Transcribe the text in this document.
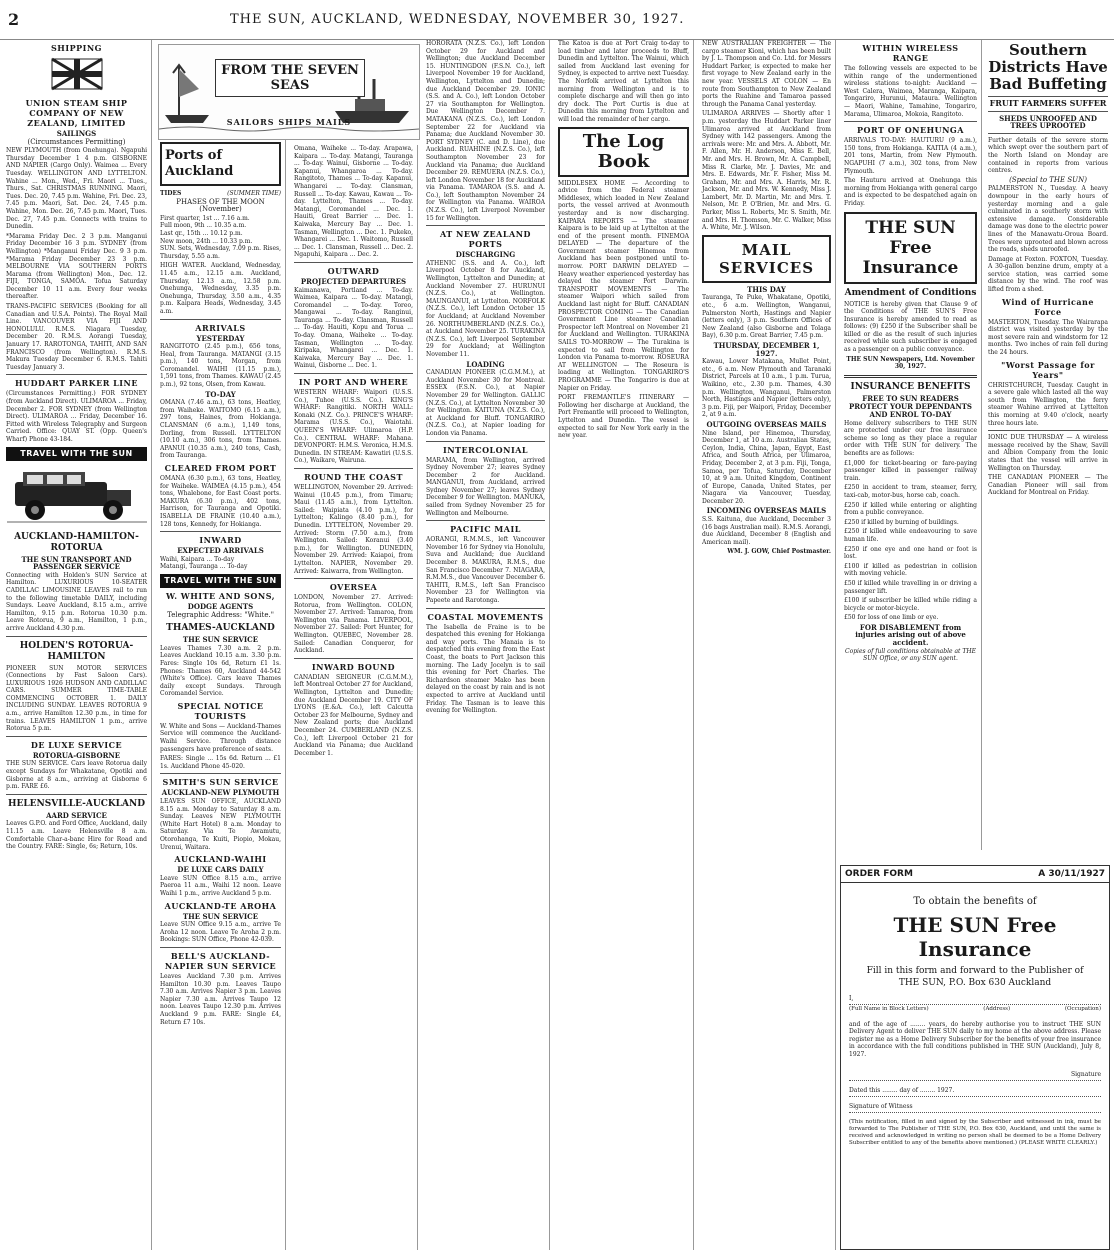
2	THE SUN, AUCKLAND, WEDNESDAY, NOVEMBER 30, 1927.
SHIPPING
UNION STEAM SHIP COMPANY OF NEW ZEALAND, LIMITED
SAILINGS
(Circumstances Permitting)

NEW PLYMOUTH (from Onehunga). Ngapuhi Thursday December 1 4 p.m. GISBORNE AND NAPIER (Cargo Only). Waimea ... Every Tuesday. WELLINGTON AND LYTTELTON. Wahine ... Mon., Wed., Fri. Maori ... Tues., Thurs., Sat. CHRISTMAS RUNNING. Maori, Tues. Dec. 20, 7.45 p.m. Wahine, Fri. Dec. 23, 7.45 p.m. Maori, Sat. Dec. 24, 7.45 p.m. Wahine, Mon. Dec. 26, 7.45 p.m. Maori, Tues. Dec. 27, 7.45 p.m. Connects with trains to Dunedin.

*Marama Friday Dec. 2 3 p.m. Manganui Friday December 16 3 p.m. SYDNEY (from Wellington) *Manganui Friday Dec. 9 3 p.m. *Marama Friday December 23 3 p.m. MELBOURNE VIA SOUTHERN PORTS Marama (from Wellington) Mon., Dec. 12. FIJI, TONGA, SAMOA. Tofua Saturday December 10 11 a.m. Every four weeks thereafter.

TRANS-PACIFIC SERVICES (Booking for all Canadian and U.S.A. Points). The Royal Mail Line. VANCOUVER VIA FIJI AND HONOLULU. R.M.S. Niagara Tuesday, December 20. R.M.S. Aorangi Tuesday, January 17. RAROTONGA, TAHITI, AND SAN FRANCISCO (from Wellington). R.M.S. Makura Tuesday December 6. R.M.S. Tahiti Tuesday January 3.

HUDDART PARKER LINE

(Circumstances Permitting.) FOR SYDNEY (from Auckland Direct). ULIMAROA ... Friday, December 2. FOR SYDNEY (from Wellington Direct). ULIMAROA ... Friday, December 16. Fitted with Wireless Telegraphy and Surgeon Carried. Office: QUAY ST. (Opp. Queen's Wharf) Phone 43-184.

TRAVEL WITH THE SUN
AUCKLAND-HAMILTON-ROTORUA
THE SUN TRANSPORT AND PASSENGER SERVICE

Connecting with Holden's SUN Service at Hamilton. LUXURIOUS 10-SEATER CADILLAC LIMOUSINE LEAVES rail to run to the following timetable DAILY, including Sundays. Leave Auckland, 8.15 a.m., arrive Hamilton, 9.15 p.m. Rotorua 10.30 p.m. Leave Rotorua, 9 a.m., Hamilton, 1 p.m., arrive Auckland 4.30 p.m.

HOLDEN'S ROTORUA-HAMILTON

PIONEER SUN MOTOR SERVICES (Connections by Fast Saloon Cars). LUXURIOUS 1926 HUDSON AND CADILLAC CARS. SUMMER TIME-TABLE COMMENCING OCTOBER 1. DAILY INCLUDING SUNDAY. LEAVES ROTORUA 9 a.m., arrive Hamilton 12.30 p.m., in time for trains. LEAVES HAMILTON 1 p.m., arrive Rotorua 5 p.m.

DE LUXE SERVICE
ROTORUA-GISBORNE

THE SUN SERVICE. Cars leave Rotorua daily except Sundays for Whakatane, Opotiki and Gisborne at 8 a.m., arriving at Gisborne 6 p.m. FARE £6.

HELENSVILLE-AUCKLAND
AARD SERVICE

Leaves G.P.O. and Ford Office, Auckland, daily 11.15 a.m. Leave Helensville 8 a.m. Comfortable Char-a-banc Hire for Road and the Country. FARE: Single, 6s; Return, 10s.

FROM THE SEVEN SEAS
SAILORS SHIPS MAILS
Ports of Auckland
TIDES	(SUMMER TIME)
PHASES OF THE MOON (November)
First quarter, 1st ... 7.16 a.m.
Full moon, 9th ... 10.35 a.m.
Last qr., 15th ... 10.12 p.m.
New moon, 24th ... 10.33 p.m.

SUN. Sets, Wednesday, 7.09 p.m. Rises, Thursday, 5.55 a.m.

HIGH WATER. Auckland, Wednesday, 11.45 a.m., 12.15 a.m. Auckland, Thursday, 12.13 a.m., 12.58 p.m. Onehunga, Wednesday, 3.35 p.m. Onehunga, Thursday, 3.50 a.m., 4.35 p.m. Kaipara Heads, Wednesday, 3.45 a.m.

ARRIVALS
YESTERDAY

RANGITOTO (2.45 p.m.), 656 tons, Heal, from Tauranga. MATANGI (3.15 p.m.), 140 tons, Morgan, from Coromandel. WAIHI (11.15 p.m.), 1,591 tons, from Thames. KAWAU (2.45 p.m.), 92 tons, Olsen, from Kawau.

TO-DAY

OMANA (7.46 a.m.), 63 tons, Heatley, from Waiheke. WAITOMO (6.15 a.m.), 297 tons, Haines, from Hokianga. CLANSMAN (6 a.m.), 1,149 tons, Dorling, from Russell. LYTTELTON (10.10 a.m.), 306 tons, from Thames. APANUI (10.35 a.m.), 240 tons, Cash, from Tauranga.

CLEARED FROM PORT

OMANA (6.30 p.m.), 63 tons, Heatley, for Waiheke. WAIMEA (4.15 p.m.), 454 tons, Whalebone, for East Coast ports. MAKURA (6.30 p.m.), 402 tons, Harrison, for Tauranga and Opotiki. ISABELLA DE FRAINE (10.40 a.m.), 128 tons, Kennedy, for Hokianga.

INWARD
EXPECTED ARRIVALS
Waihi, Kaipara ... To-day
Matangi, Tauranga ... To-day
TRAVEL WITH THE SUN
W. WHITE AND SONS,
DODGE AGENTS
Telegraphic Address: "White."
THAMES-AUCKLAND
THE SUN SERVICE

Leaves Thames 7.30 a.m. 2 p.m. Leaves Auckland 10.15 a.m. 3.30 p.m. Fares: Single 10s 6d, Return £1 1s. Phones: Thames 60, Auckland 44-542 (White's Office). Cars leave Thames daily except Sundays. Through Coromandel Service.

SPECIAL NOTICE TOURISTS

W. White and Sons — Auckland-Thames Service will commence the Auckland-Waihi Service. Through distance passengers have preference of seats.

FARES: Single ... 15s 6d. Return ... £1 1s. Auckland Phone 45-020.

SMITH'S SUN SERVICE
AUCKLAND-NEW PLYMOUTH

LEAVES SUN OFFICE, AUCKLAND 8.15 a.m. Monday to Saturday 8 a.m. Sunday. Leaves NEW PLYMOUTH (White Hart Hotel) 8 a.m. Monday to Saturday. Via Te Awamutu, Otorohanga, Te Kuiti, Piopio, Mokau, Urenui, Waitara.

AUCKLAND-WAIHI
DE LUXE CARS DAILY

Leave SUN Office 8.15 a.m., arrive Paeroa 11 a.m., Waihi 12 noon. Leave Waihi 1 p.m., arrive Auckland 5 p.m.

AUCKLAND-TE AROHA
THE SUN SERVICE

Leave SUN Office 9.15 a.m., arrive Te Aroha 12 noon. Leave Te Aroha 2 p.m. Bookings: SUN Office, Phone 42-039.

BELL'S AUCKLAND-NAPIER SUN SERVICE

Leaves Auckland 7.30 p.m. Arrives Hamilton 10.30 p.m. Leaves Taupo 7.30 a.m. Arrives Napier 3 p.m. Leaves Napier 7.30 a.m. Arrives Taupo 12 noon. Leaves Taupo 12.30 p.m. Arrives Auckland 9 p.m. FARE: Single £4, Return £7 10s.

Omana, Waiheke ... To-day. Arapawa, Kaipara ... To-day. Matangi, Tauranga ... To-day. Wainui, Gisborne ... To-day. Kapanui, Whangaroa ... To-day. Rangitoto, Thames ... To-day. Kapanui, Whangarei ... To-day. Clansman, Russell ... To-day. Kawau, Kawau ... To-day. Lyttelton, Thames ... To-day. Matangi, Coromandel ... Dec. 1. Hauiti, Great Barrier ... Dec. 1. Kaiwaka, Mercury Bay ... Dec. 1. Tasman, Wellington ... Dec. 1. Pukeko, Whangarei ... Dec. 1. Waitomo, Russell ... Dec. 1. Clansman, Russell ... Dec. 2. Ngapuhi, Kaipara ... Dec. 2.

OUTWARD
PROJECTED DEPARTURES

Kaimanawa, Portland ... To-day. Waimea, Kaipara ... To-day. Matangi, Coromandel ... To-day. Toreo, Mangawai ... To-day. Ranginui, Tauranga ... To-day. Clansman, Russell ... To-day. Hauiti, Kopu and Torua ... To-day. Omana, Waiheke ... To-day. Tasman, Wellington ... To-day. Kiripaka, Whangarei ... Dec. 1. Kaiwaka, Mercury Bay ... Dec. 1. Wainui, Gisborne ... Dec. 1.

IN PORT AND WHERE

WESTERN WHARF: Waipori (U.S.S. Co.), Tuhoe (U.S.S. Co.). KING'S WHARF: Rangitiki. NORTH WALL: Konaki (N.Z. Co.). PRINCE'S WHARF: Marama (U.S.S. Co.), Waiotahi. QUEEN'S WHARF: Ulimaroa (H.P. Co.). CENTRAL WHARF: Mahana. DEVONPORT: H.M.S. Veronica, H.M.S. Dunedin. IN STREAM: Kawatiri (U.S.S. Co.), Waikare, Wairuna.

ROUND THE COAST

WELLINGTON, November 29. Arrived: Wainui (10.45 p.m.), from Timaru; Maui (11.45 a.m.), from Lyttelton. Sailed: Waipiata (4.10 p.m.), for Lyttelton; Kalingo (8.40 p.m.), for Dunedin. LYTTELTON, November 29. Arrived: Storm (7.50 a.m.), from Wellington. Sailed: Koranui (3.40 p.m.), for Wellington. DUNEDIN, November 29. Arrived: Kaiapoi, from Lyttelton. NAPIER, November 29. Arrived: Kaiwarra, from Wellington.

OVERSEA

LONDON, November 27. Arrived: Rotorua, from Wellington. COLON, November 27. Arrived: Tamaroa, from Wellington via Panama. LIVERPOOL, November 27. Sailed: Port Hunter, for Wellington. QUEBEC, November 28. Sailed: Canadian Conqueror, for Auckland.

INWARD BOUND

CANADIAN SEIGNEUR (C.G.M.M.), left Montreal October 27 for Auckland, Wellington, Lyttelton and Dunedin; due Auckland December 19. CITY OF LYONS (E.&A. Co.), left Calcutta October 23 for Melbourne, Sydney and New Zealand ports; due Auckland December 24. CUMBERLAND (N.Z.S. Co.), left Liverpool October 21 for Auckland via Panama; due Auckland December 1.

HORORATA (N.Z.S. Co.), left London October 29 for Auckland and Wellington; due Auckland December 15. HUNTINGDON (F.S.N. Co.), left Liverpool November 19 for Auckland, Wellington, Lyttelton and Dunedin; due Auckland December 29. IONIC (S.S. and A. Co.), left London October 27 via Southampton for Wellington. Due Wellington December 7. MATAKANA (N.Z.S. Co.), left London September 22 for Auckland via Panama; due Auckland November 30. PORT SYDNEY (C. and D. Line), due Auckland. RUAHINE (N.Z.S. Co.), left Southampton November 23 for Auckland via Panama; due Auckland December 29. REMUERA (N.Z.S. Co.), left London November 18 for Auckland via Panama. TAMAROA (S.S. and A. Co.), left Southampton November 24 for Wellington via Panama. WAIROA (N.Z.S. Co.), left Liverpool November 15 for Wellington.

AT NEW ZEALAND PORTS
DISCHARGING

ATHENIC (S.S. and A. Co.), left Liverpool October 8 for Auckland, Wellington, Lyttelton and Dunedin; at Auckland November 27. HURUNUI (N.Z.S. Co.), at Wellington. MAUNGANUI, at Lyttelton. NORFOLK (N.Z.S. Co.), left London October 15 for Auckland; at Auckland November 26. NORTHUMBERLAND (N.Z.S. Co.), at Auckland November 25. TURAKINA (N.Z.S. Co.), left Liverpool September 29 for Auckland; at Wellington November 11.

LOADING

CANADIAN PIONEER (C.G.M.M.), at Auckland November 30 for Montreal. ESSEX (F.S.N. Co.), at Napier November 29 for Wellington. GALLIC (N.Z.S. Co.), at Lyttelton November 30 for Wellington. KAITUNA (N.Z.S. Co.), at Auckland for Bluff. TONGARIRO (N.Z.S. Co.), at Napier loading for London via Panama.

INTERCOLONIAL

MARAMA, from Wellington, arrived Sydney November 27; leaves Sydney December 2 for Auckland. MANGANUI, from Auckland, arrived Sydney November 27; leaves Sydney December 9 for Wellington. MANUKA, sailed from Sydney November 25 for Wellington and Melbourne.

PACIFIC MAIL

AORANGI, R.M.M.S., left Vancouver November 16 for Sydney via Honolulu, Suva and Auckland; due Auckland December 8. MAKURA, R.M.S., due San Francisco December 7. NIAGARA, R.M.M.S., due Vancouver December 6. TAHITI, R.M.S., left San Francisco November 23 for Wellington via Papeete and Rarotonga.

COASTAL MOVEMENTS

The Isabella de Fraine is to be despatched this evening for Hokianga and way ports. The Manaia is to despatched this evening from the East Coast, the boats to Port Jackson this morning. The Lady Jocelyn is to sail this evening for Port Charles. The Richardson steamer Mako has been delayed on the coast by rain and is not expected to arrive at Auckland until Friday. The Tasman is to leave this evening for Wellington.

The Katoa is due at Port Craig to-day to load timber and later proceeds to Bluff, Dunedin and Lyttelton. The Wainui, which sailed from Auckland last evening for Sydney, is expected to arrive next Tuesday. The Norfolk arrived at Lyttelton this morning from Wellington and is to complete discharge and will then go into dry dock. The Port Curtis is due at Dunedin this morning from Lyttelton and will load the remainder of her cargo.

The Log Book

MIDDLESEX HOME — According to advice from the Federal steamer Middlesex, which loaded in New Zealand ports, the vessel arrived at Avonmouth yesterday and is now discharging. KAIPARA REPORTS — The steamer Kaipara is to be laid up at Lyttelton at the end of the present month. FINEMOA DELAYED — The departure of the Government steamer Hinemoa from Auckland has been postponed until to-morrow. PORT DARWIN DELAYED — Heavy weather experienced yesterday has delayed the steamer Port Darwin. TRANSPORT MOVEMENTS — The steamer Waipori which sailed from Auckland last night for Bluff. CANADIAN PROSPECTOR COMING — The Canadian Government Line steamer Canadian Prospector left Montreal on November 21 for Auckland and Wellington. TURAKINA SAILS TO-MORROW — The Turakina is expected to sail from Wellington for London via Panama to-morrow. ROSEURA AT WELLINGTON — The Roseura is loading at Wellington. TONGARIRO'S PROGRAMME — The Tongariro is due at Napier on Friday.

PORT FREMANTLE'S ITINERARY — Following her discharge at Auckland, the Port Fremantle will proceed to Wellington, Lyttelton and Dunedin. The vessel is expected to sail for New York early in the new year.

NEW AUSTRALIAN FREIGHTER — The cargo steamer Kioni, which has been built by J. L. Thompson and Co. Ltd. for Messrs Huddart Parker, is expected to make her first voyage to New Zealand early in the new year. VESSELS AT COLON — En route from Southampton to New Zealand ports the Ruahine and Tamaroa passed through the Panama Canal yesterday.

ULIMAROA ARRIVES — Shortly after 1 p.m. yesterday the Huddart Parker liner Ulimaroa arrived at Auckland from Sydney with 142 passengers. Among the arrivals were: Mr. and Mrs. A. Abbott, Mr. F. Allen, Mr. H. Anderson, Miss E. Bell, Mr. and Mrs. H. Brown, Mr. A. Campbell, Miss R. Clarke, Mr. J. Davies, Mr. and Mrs. E. Edwards, Mr. F. Fisher, Miss M. Graham, Mr. and Mrs. A. Harris, Mr. R. Jackson, Mr. and Mrs. W. Kennedy, Miss J. Lambert, Mr. D. Martin, Mr. and Mrs. T. Nelson, Mr. P. O'Brien, Mr. and Mrs. G. Parker, Miss L. Roberts, Mr. S. Smith, Mr. and Mrs. H. Thomson, Mr. C. Walker, Miss A. White, Mr. J. Wilson.

MAIL SERVICES
THIS DAY

Tauranga, Te Puke, Whakatane, Opotiki, etc., 6 a.m. Wellington, Wanganui, Palmerston North, Hastings and Napier (letters only), 3 p.m. Southern Offices of New Zealand (also Gisborne and Tolaga Bay), 6.30 p.m. Great Barrier, 7.45 p.m.

THURSDAY, DECEMBER 1, 1927.

Kawau, Lower Matakana, Mullet Point, etc., 6 a.m. New Plymouth and Taranaki District, Parcels at 10 a.m., 1 p.m. Turua, Waikino, etc., 2.30 p.m. Thames, 4.30 p.m. Wellington, Wanganui, Palmerston North, Hastings and Napier (letters only), 3 p.m. Fiji, per Waipori, Friday, December 2, at 9 a.m.

OUTGOING OVERSEAS MAILS

Nine Island, per Hinemoa, Thursday, December 1, at 10 a.m. Australian States, Ceylon, India, China, Japan, Egypt, East Africa, and South Africa, per Ulimaroa, Friday, December 2, at 3 p.m. Fiji, Tonga, Samoa, per Tofua, Saturday, December 10, at 9 a.m. United Kingdom, Continent of Europe, Canada, United States, per Niagara via Vancouver, Tuesday, December 20.

INCOMING OVERSEAS MAILS

S.S. Kaituna, due Auckland, December 3 (16 bags Australian mail). R.M.S. Aorangi, due Auckland, December 8 (English and American mail).

WM. J. GOW, Chief Postmaster.

WITHIN WIRELESS RANGE

The following vessels are expected to be within range of the undermentioned wireless stations to-night: Auckland — West Calera, Waimea, Maranga, Kaipara, Tongariro, Hurunui, Mataura. Wellington — Maori, Wahine, Tamahine, Tongariro, Marama, Ulimaroa, Mokoia, Rangitoto.

PORT OF ONEHUNGA

ARRIVALS TO-DAY: HAUTURU (9 a.m.), 150 tons, from Hokianga. KAITIA (4 a.m.), 201 tons, Martin, from New Plymouth. NGAPUHI (7 a.m.), 302 tons, from New Plymouth.

The Hauturu arrived at Onehunga this morning from Hokianga with general cargo and is expected to be despatched again on Friday.

THE SUN Free Insurance
Amendment of Conditions

NOTICE is hereby given that Clause 9 of the Conditions of THE SUN'S Free Insurance is hereby amended to read as follows: (9) £250 if the Subscriber shall be killed or die as the result of such injuries received while such subscriber is engaged as a passenger on a public conveyance.

THE SUN Newspapers, Ltd. November 30, 1927.

INSURANCE BENEFITS
FREE TO SUN READERS
PROTECT YOUR DEPENDANTS AND ENROL TO-DAY

Home delivery subscribers to THE SUN are protected under our free insurance scheme so long as they place a regular order with THE SUN for delivery. The benefits are as follows:

£1,000 for ticket-bearing or fare-paying passenger killed in passenger railway train.

£250 in accident to tram, steamer, ferry, taxi-cab, motor-bus, horse cab, coach.

£250 if killed while entering or alighting from a public conveyance.

£250 if killed by burning of buildings.

£250 if killed while endeavouring to save human life.

£250 if one eye and one hand or foot is lost.

£100 if killed as pedestrian in collision with moving vehicle.

£50 if killed while travelling in or driving a passenger lift.

£100 if subscriber be killed while riding a bicycle or motor-bicycle.

£50 for loss of one limb or eye.

FOR DISABLEMENT from injuries arising out of above accident.

Copies of full conditions obtainable at THE SUN Office, or any SUN agent.

Southern Districts Have Bad Buffeting
FRUIT FARMERS SUFFER
SHEDS UNROOFED AND TREES UPROOTED

Further details of the severe storm which swept over the southern part of the North Island on Monday are contained in reports from various centres.

(Special to THE SUN)

PALMERSTON N., Tuesday. A heavy downpour in the early hours of yesterday morning and a gale culminated in a southerly storm with extensive damage. Considerable damage was done to the electric power lines of the Manawatu-Oroua Board. Trees were uprooted and blown across the roads, sheds unroofed.

Damage at Foxton. FOXTON, Tuesday. A 30-gallon benzine drum, empty at a service station, was carried some distance by the wind. The roof was lifted from a shed.

Wind of Hurricane Force

MASTERTON, Tuesday. The Wairarapa district was visited yesterday by the most severe rain and windstorm for 12 months. Two inches of rain fell during the 24 hours.

"Worst Passage for Years"

CHRISTCHURCH, Tuesday. Caught in a severe gale which lasted all the way south from Wellington, the ferry steamer Wahine arrived at Lyttelton this morning at 9.40 o'clock, nearly three hours late.

IONIC DUE THURSDAY — A wireless message received by the Shaw, Savill and Albion Company from the Ionic states that the vessel will arrive in Wellington on Thursday.

THE CANADIAN PIONEER — The Canadian Pioneer will sail from Auckland for Montreal on Friday.

ORDER FORM	A 30/11/1927
To obtain the benefits of
THE SUN Free Insurance
Fill in this form and forward to the Publisher of
THE SUN, P.O. Box 630 Auckland
I,
(Full Name in Block Letters)	(Address)	(Occupation)
and of the age of ........ years, do hereby authorise you to instruct THE SUN Delivery Agent to deliver THE SUN daily to my home at the above address. Please register me as a Home Delivery Subscriber for the benefits of your free insurance in accordance with the full conditions published in THE SUN (Auckland), July 8, 1927.
Signature
Dated this ........ day of ........ 1927.
Signature of Witness
(This notification, filled in and signed by the Subscriber and witnessed in ink, must be forwarded to The Publisher of THE SUN, P.O. Box 630, Auckland, and until the same is received and acknowledged in writing no person shall be deemed to be a Home Delivery Subscriber entitled to any of the benefits above mentioned.) (PLEASE WRITE CLEARLY.)
